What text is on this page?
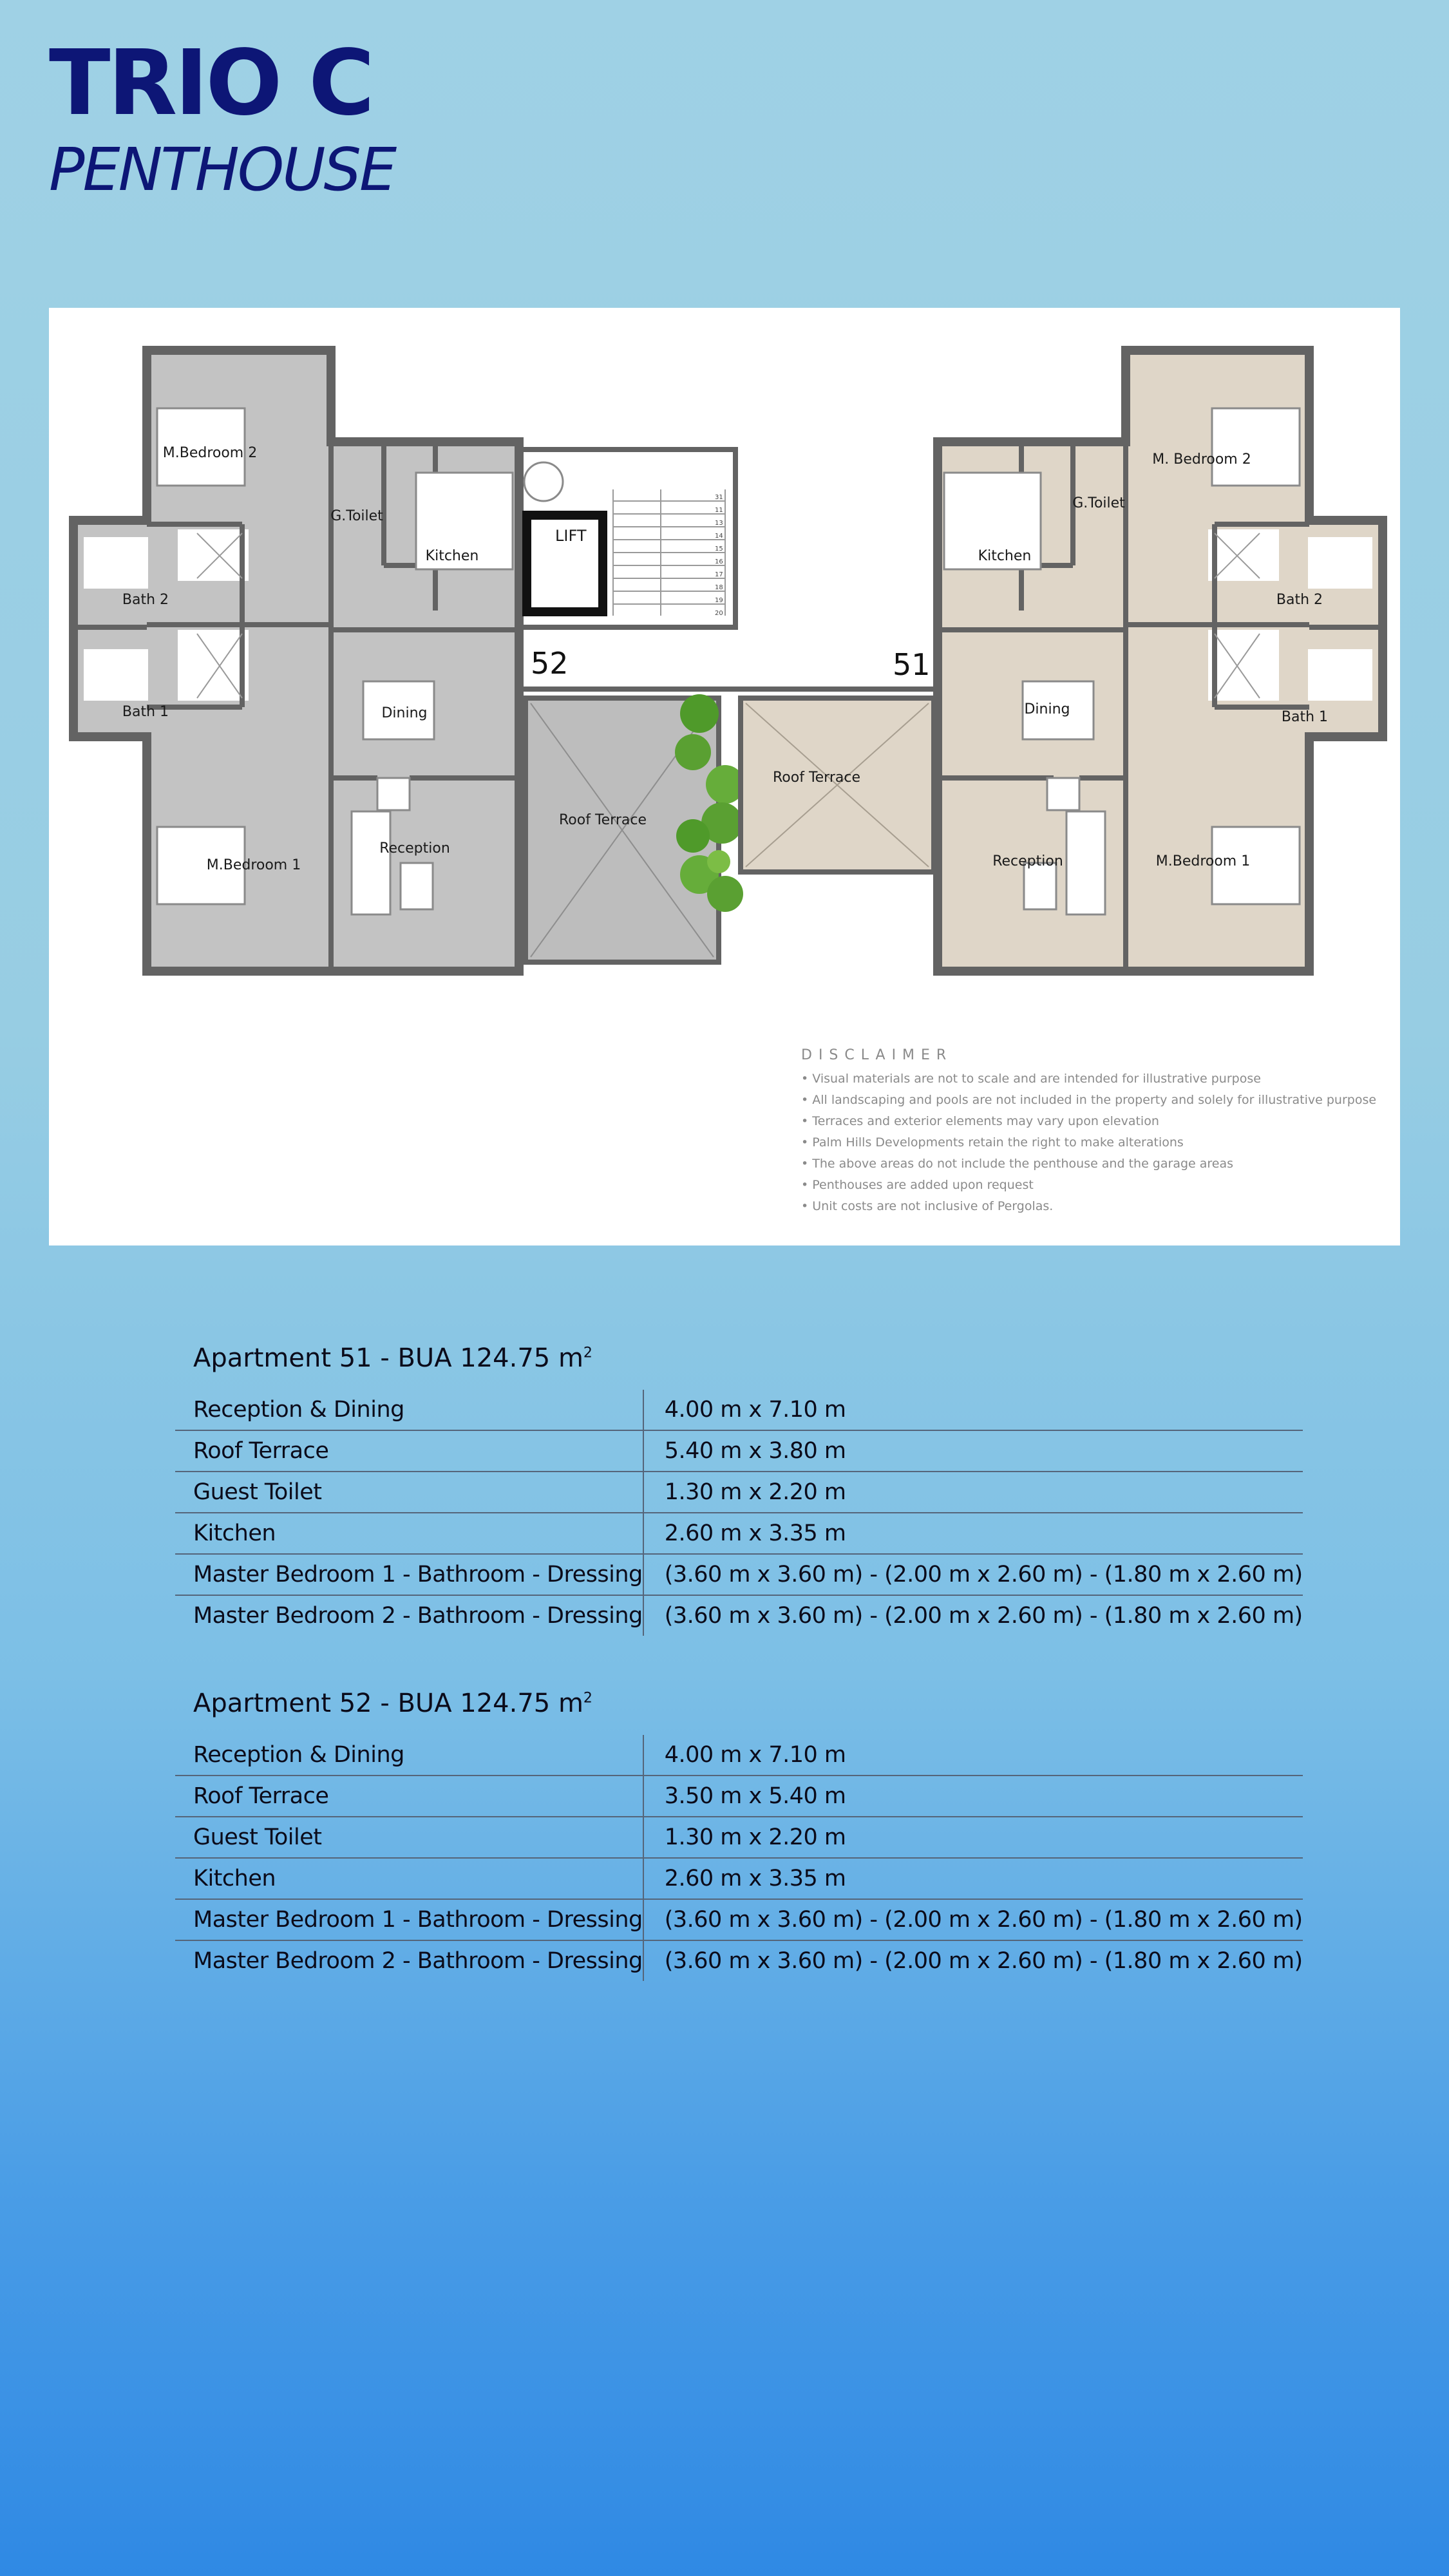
TRIO C
PENTHOUSE
M.Bedroom 2
G.Toilet
Kitchen
Bath 2
Bath 1	Dining
Reception
M.Bedroom 1
Roof Terrace
LIFT
31
11
13
14
15
16
17
18
19
20
52	51
M. Bedroom 2
G.Toilet
Kitchen
Bath 2
Bath 1
Dining
Reception	M.Bedroom 1
Roof Terrace
DISCLAIMER
• Visual materials are not to scale and are intended for illustrative purpose
• All landscaping and pools are not included in the property and solely for illustrative purpose
• Terraces and exterior elements may vary upon elevation
• Palm Hills Developments retain the right to make alterations
• The above areas do not include the penthouse and the garage areas
• Penthouses are added upon request
• Unit costs are not inclusive of Pergolas.
Apartment 51 - BUA 124.75 $m^2$
Reception & Dining	4.00 m x 7.10 m
Roof Terrace	5.40 m x 3.80 m
Guest Toilet	1.30 m x 2.20 m
Kitchen	2.60 m x 3.35 m
Master Bedroom 1 - Bathroom - Dressing	(3.60 m x 3.60 m) - (2.00 m x 2.60 m) - (1.80 m x 2.60 m)
Master Bedroom 2 - Bathroom - Dressing	(3.60 m x 3.60 m) - (2.00 m x 2.60 m) - (1.80 m x 2.60 m)
Apartment 52 - BUA 124.75 $m^2$
Reception & Dining	4.00 m x 7.10 m
Roof Terrace	3.50 m x 5.40 m
Guest Toilet	1.30 m x 2.20 m
Kitchen	2.60 m x 3.35 m
Master Bedroom 1 - Bathroom - Dressing	(3.60 m x 3.60 m) - (2.00 m x 2.60 m) - (1.80 m x 2.60 m)
Master Bedroom 2 - Bathroom - Dressing	(3.60 m x 3.60 m) - (2.00 m x 2.60 m) - (1.80 m x 2.60 m)
